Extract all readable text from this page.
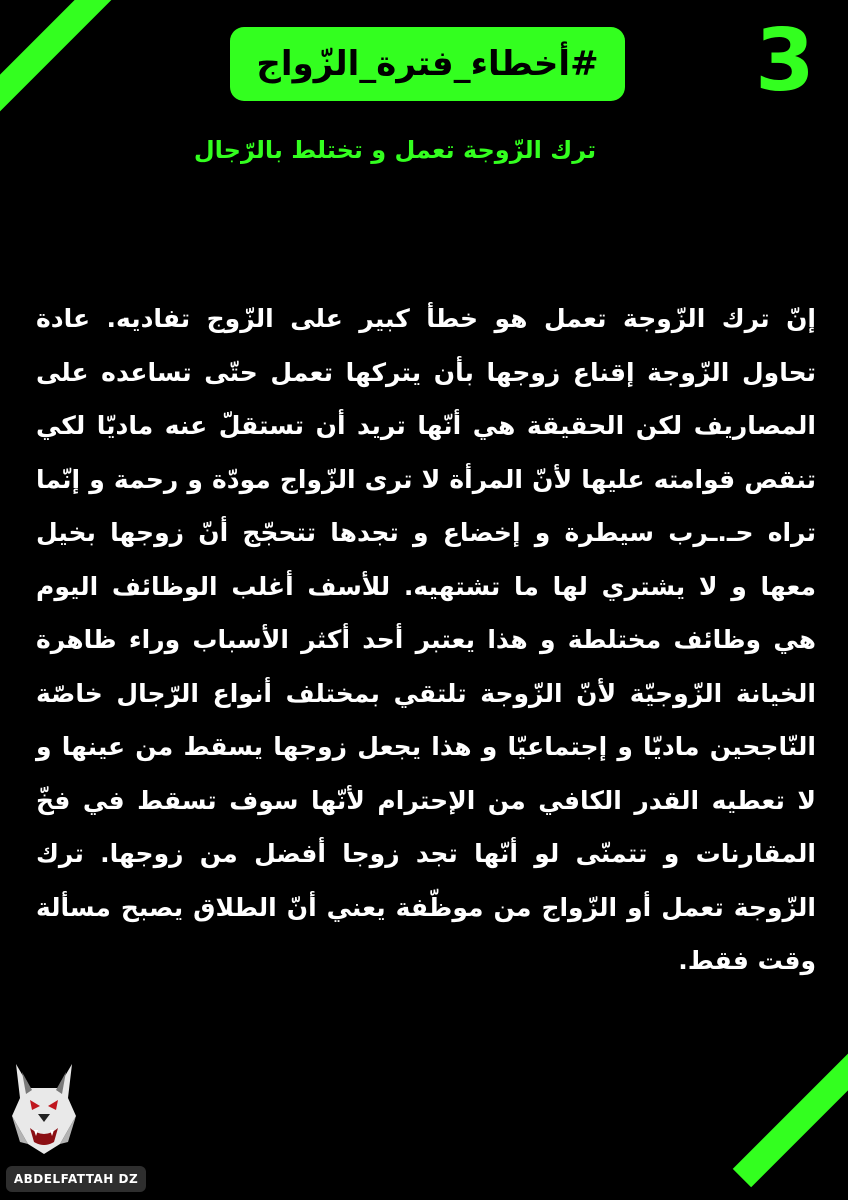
#أخطاء_فترة_الزّواج 3
ترك الزّوجة تعمل و تختلط بالرّجال
إنّ ترك الزّوجة تعمل هو خطأ كبير على الزّوج تفاديه. عادة تحاول الزّوجة إقناع زوجها بأن يتركها تعمل حتّى تساعده على المصاريف لكن الحقيقة هي أنّها تريد أن تستقلّ عنه ماديّا لكي تنقص قوامته عليها لأنّ المرأة لا ترى الزّواج مودّة و رحمة و إنّما تراه حـ.ـرب سيطرة و إخضاع و تجدها تتحجّج أنّ زوجها بخيل معها و لا يشتري لها ما تشتهيه. للأسف أغلب الوظائف اليوم هي وظائف مختلطة و هذا يعتبر أحد أكثر الأسباب وراء ظاهرة الخيانة الزّوجيّة لأنّ الزّوجة تلتقي بمختلف أنواع الرّجال خاصّة النّاجحين ماديّا و إجتماعيّا و هذا يجعل زوجها يسقط من عينها و لا تعطيه القدر الكافي من الإحترام لأنّها سوف تسقط في فخّ المقارنات و تتمنّى لو أنّها تجد زوجا أفضل من زوجها. ترك الزّوجة تعمل أو الزّواج من موظّفة يعني أنّ الطلاق يصبح مسألة وقت فقط.
ABDELFATTAH DZ
